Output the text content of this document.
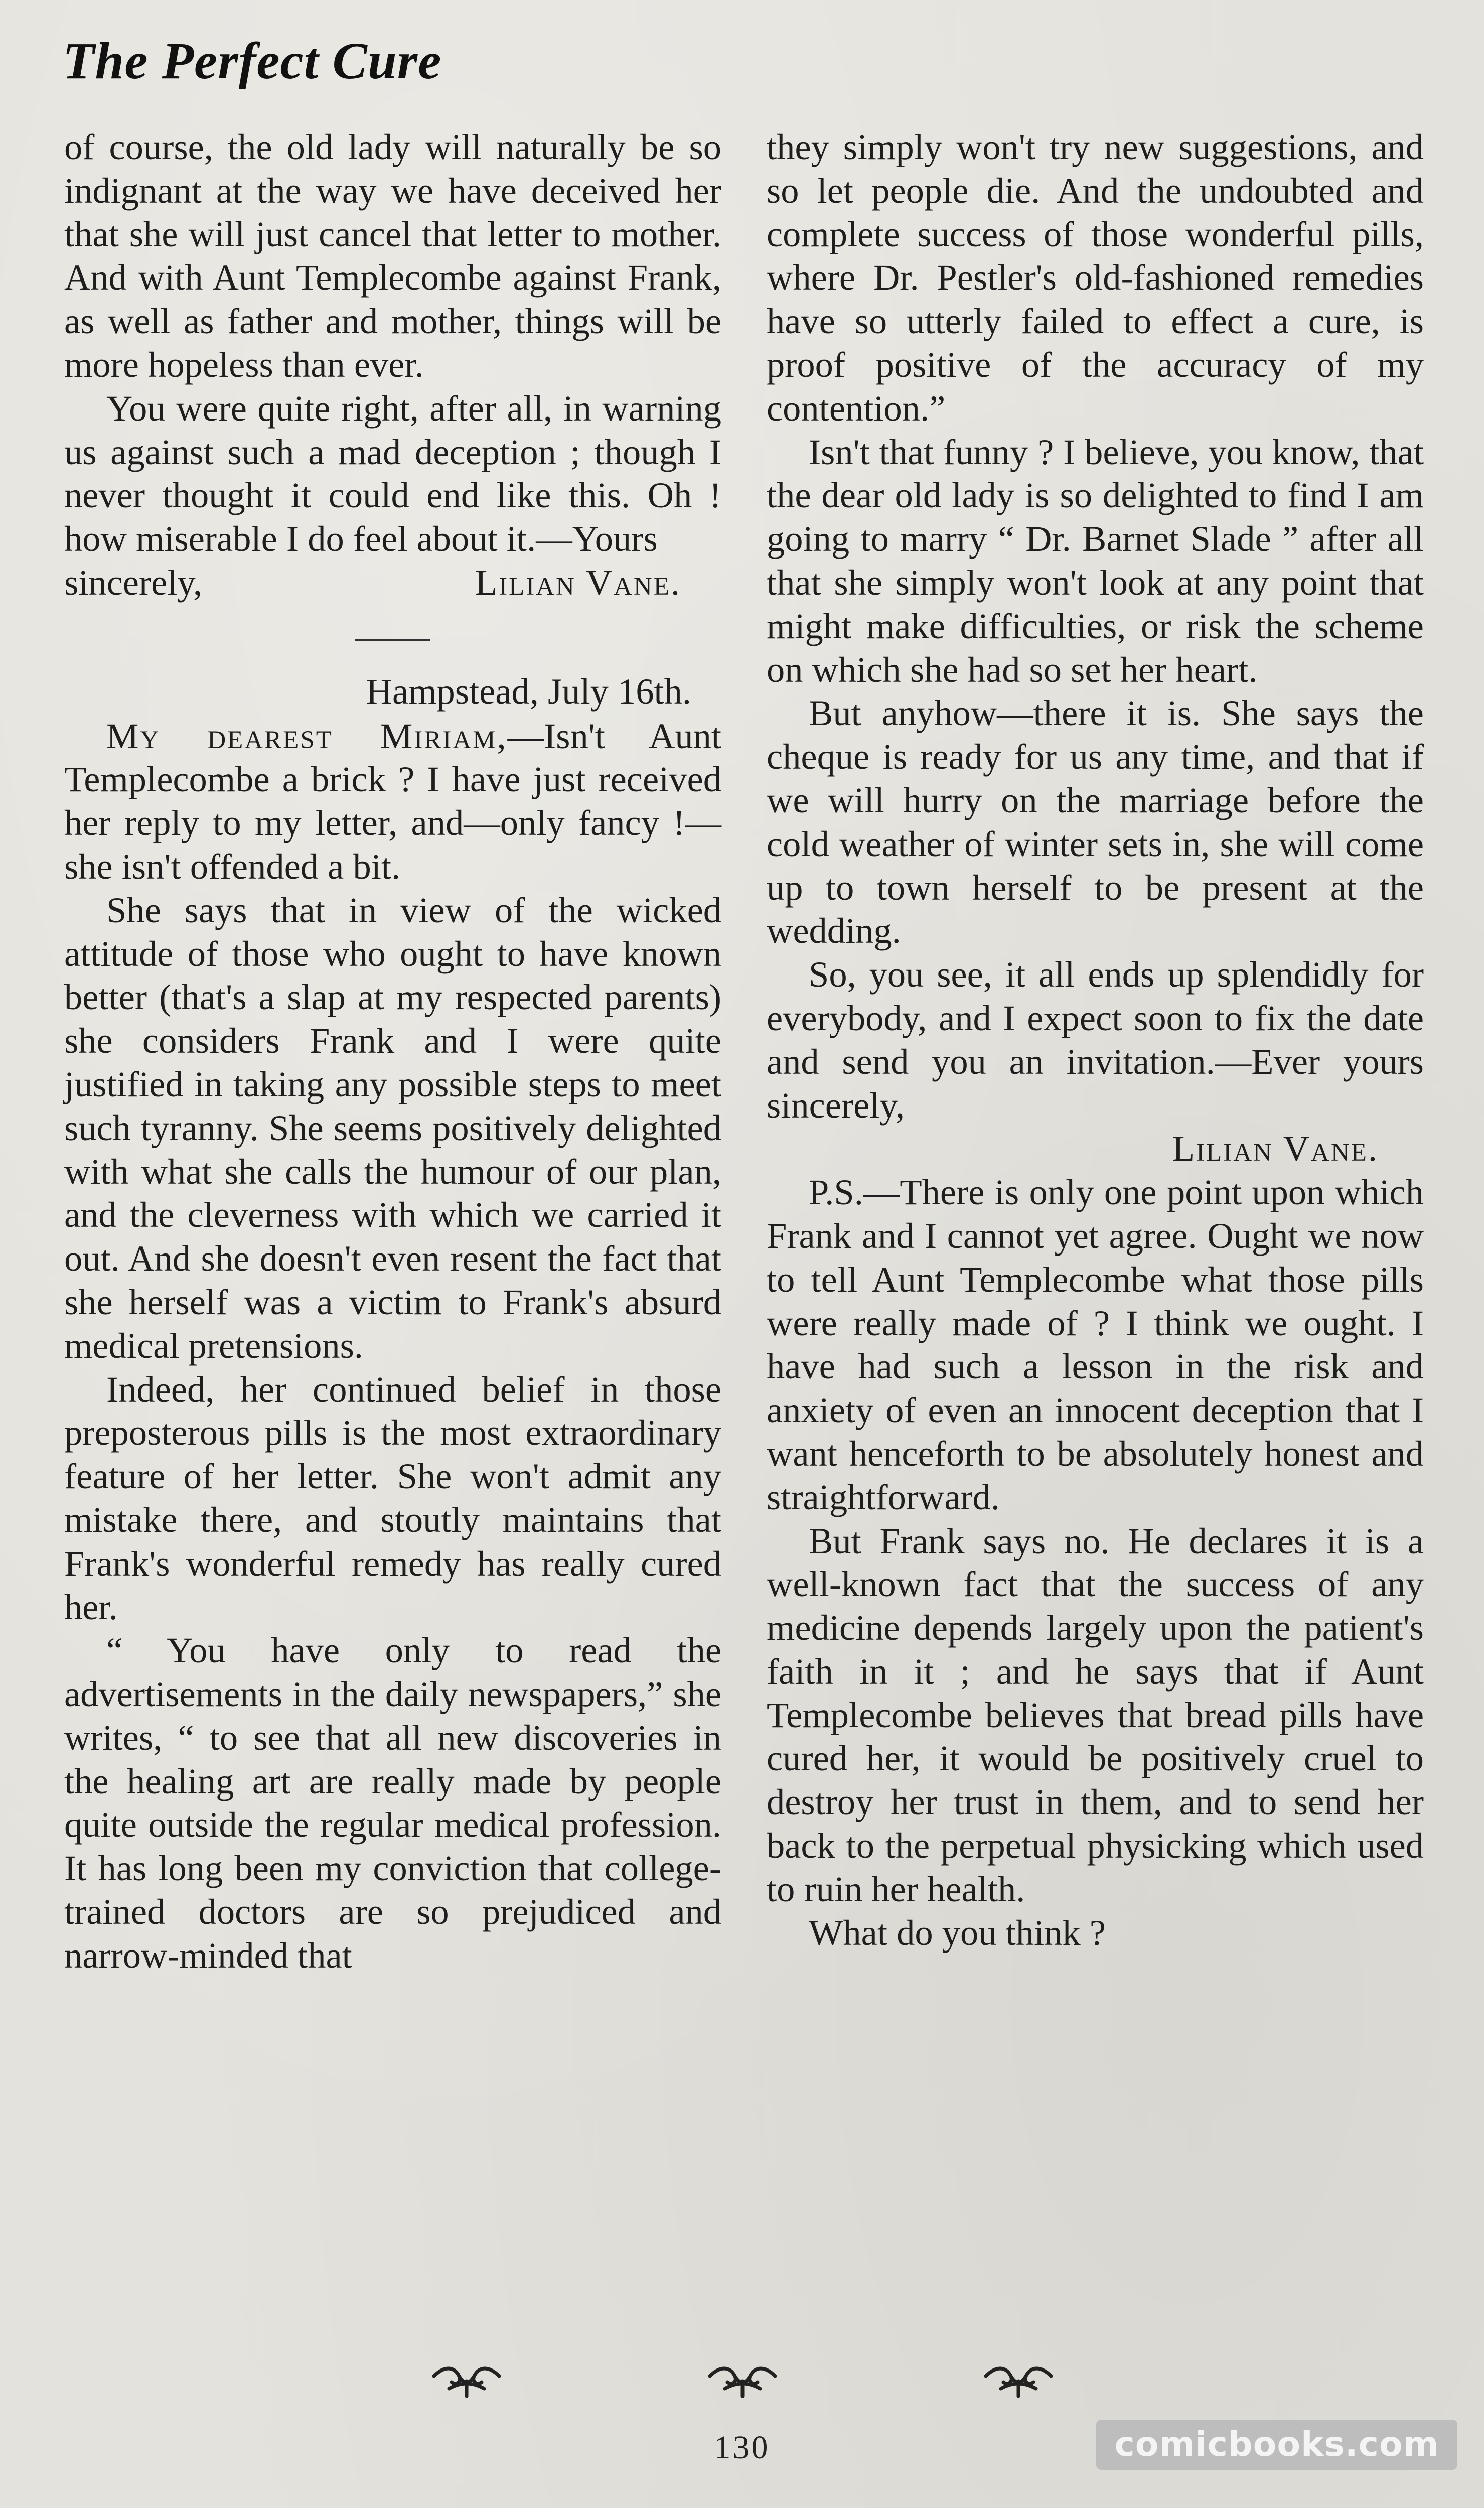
The Perfect Cure

of course, the old lady will naturally be so indignant at the way we have deceived her that she will just cancel that letter to mother. And with Aunt Templecombe against Frank, as well as father and mother, things will be more hopeless than ever.

You were quite right, after all, in warning us against such a mad deception ; though I never thought it could end like this. Oh ! how miserable I do feel about it.—Yours

sincerely,	Lilian Vane.

Hampstead, July 16th.

My dearest Miriam,—Isn't Aunt Templecombe a brick ? I have just received her reply to my letter, and—only fancy !—she isn't offended a bit.

She says that in view of the wicked attitude of those who ought to have known better (that's a slap at my respected parents) she considers Frank and I were quite justified in taking any possible steps to meet such tyranny. She seems positively delighted with what she calls the humour of our plan, and the cleverness with which we carried it out. And she doesn't even resent the fact that she herself was a victim to Frank's absurd medical pretensions.

Indeed, her continued belief in those preposterous pills is the most extraordinary feature of her letter. She won't admit any mistake there, and stoutly maintains that Frank's wonderful remedy has really cured her.

“ You have only to read the advertisements in the daily newspapers,” she writes, “ to see that all new discoveries in the healing art are really made by people quite outside the regular medical profession. It has long been my conviction that college-trained doctors are so prejudiced and narrow-minded that

they simply won't try new suggestions, and so let people die. And the undoubted and complete success of those wonderful pills, where Dr. Pestler's old-fashioned remedies have so utterly failed to effect a cure, is proof positive of the accuracy of my contention.”

Isn't that funny ? I believe, you know, that the dear old lady is so delighted to find I am going to marry “ Dr. Barnet Slade ” after all that she simply won't look at any point that might make difficulties, or risk the scheme on which she had so set her heart.

But anyhow—there it is. She says the cheque is ready for us any time, and that if we will hurry on the marriage before the cold weather of winter sets in, she will come up to town herself to be present at the wedding.

So, you see, it all ends up splendidly for everybody, and I expect soon to fix the date and send you an invitation.—Ever yours sincerely,

Lilian Vane.

P.S.—There is only one point upon which Frank and I cannot yet agree. Ought we now to tell Aunt Templecombe what those pills were really made of ? I think we ought. I have had such a lesson in the risk and anxiety of even an innocent deception that I want henceforth to be absolutely honest and straightforward.

But Frank says no. He declares it is a well-known fact that the success of any medicine depends largely upon the patient's faith in it ; and he says that if Aunt Templecombe believes that bread pills have cured her, it would be positively cruel to destroy her trust in them, and to send her back to the perpetual physicking which used to ruin her health.

What do you think ?

130	comicbooks.com
